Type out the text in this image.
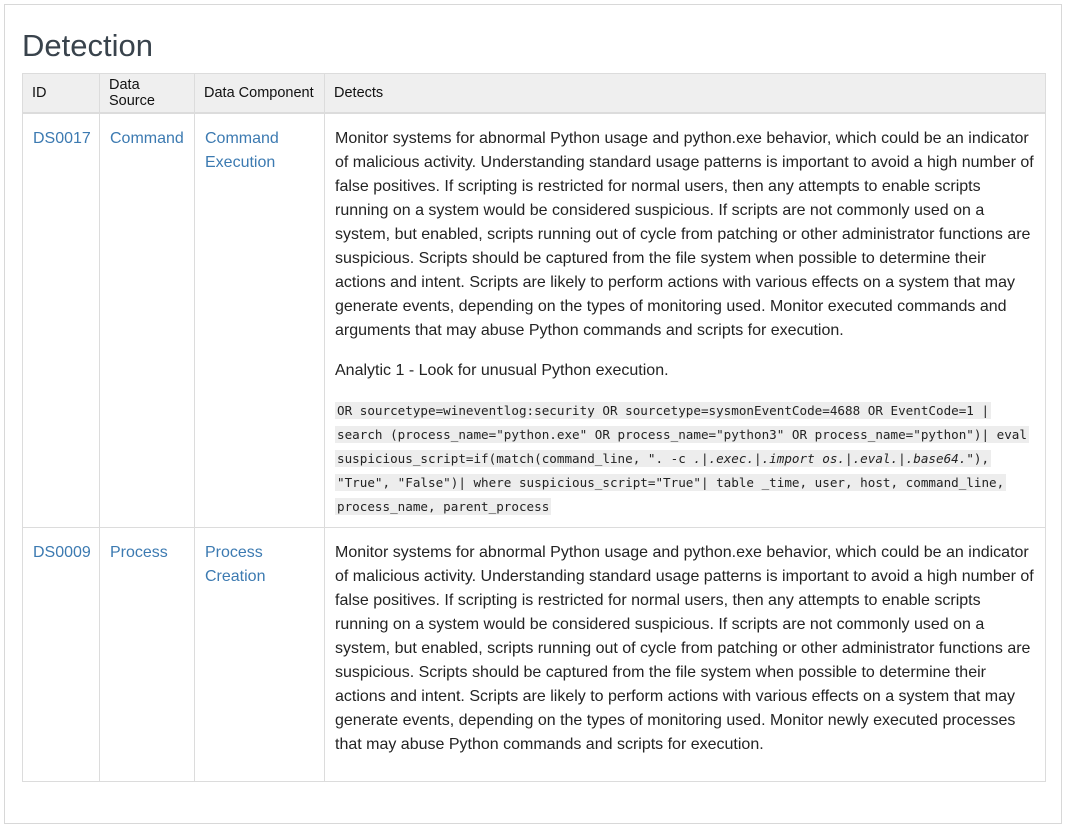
Detection
ID	Data Source	Data Component	Detects
DS0017	Command	Command Execution	Monitor systems for abnormal Python usage and python.exe behavior, which could be an indicator of malicious activity. Understanding standard usage patterns is important to avoid a high number of false positives. If scripting is restricted for normal users, then any attempts to enable scripts running on a system would be considered suspicious. If scripts are not commonly used on a system, but enabled, scripts running out of cycle from patching or other administrator functions are suspicious. Scripts should be captured from the file system when possible to determine their actions and intent. Scripts are likely to perform actions with various effects on a system that may generate events, depending on the types of monitoring used. Monitor executed commands and arguments that may abuse Python commands and scripts for execution.

Analytic 1 - Look for unusual Python execution.

OR sourcetype=wineventlog:security OR sourcetype=sysmonEventCode=4688 OR EventCode=1 | search (process_name="python.exe" OR process_name="python3" OR process_name="python")| eval suspicious_script=if(match(command_line, ". -c .|.exec.|.import os.|.eval.|.base64."), "True", "False")| where suspicious_script="True"| table _time, user, host, command_line, process_name, parent_process

DS0009	Process	Process Creation	Monitor systems for abnormal Python usage and python.exe behavior, which could be an indicator of malicious activity. Understanding standard usage patterns is important to avoid a high number of false positives. If scripting is restricted for normal users, then any attempts to enable scripts running on a system would be considered suspicious. If scripts are not commonly used on a system, but enabled, scripts running out of cycle from patching or other administrator functions are suspicious. Scripts should be captured from the file system when possible to determine their actions and intent. Scripts are likely to perform actions with various effects on a system that may generate events, depending on the types of monitoring used. Monitor newly executed processes that may abuse Python commands and scripts for execution.
